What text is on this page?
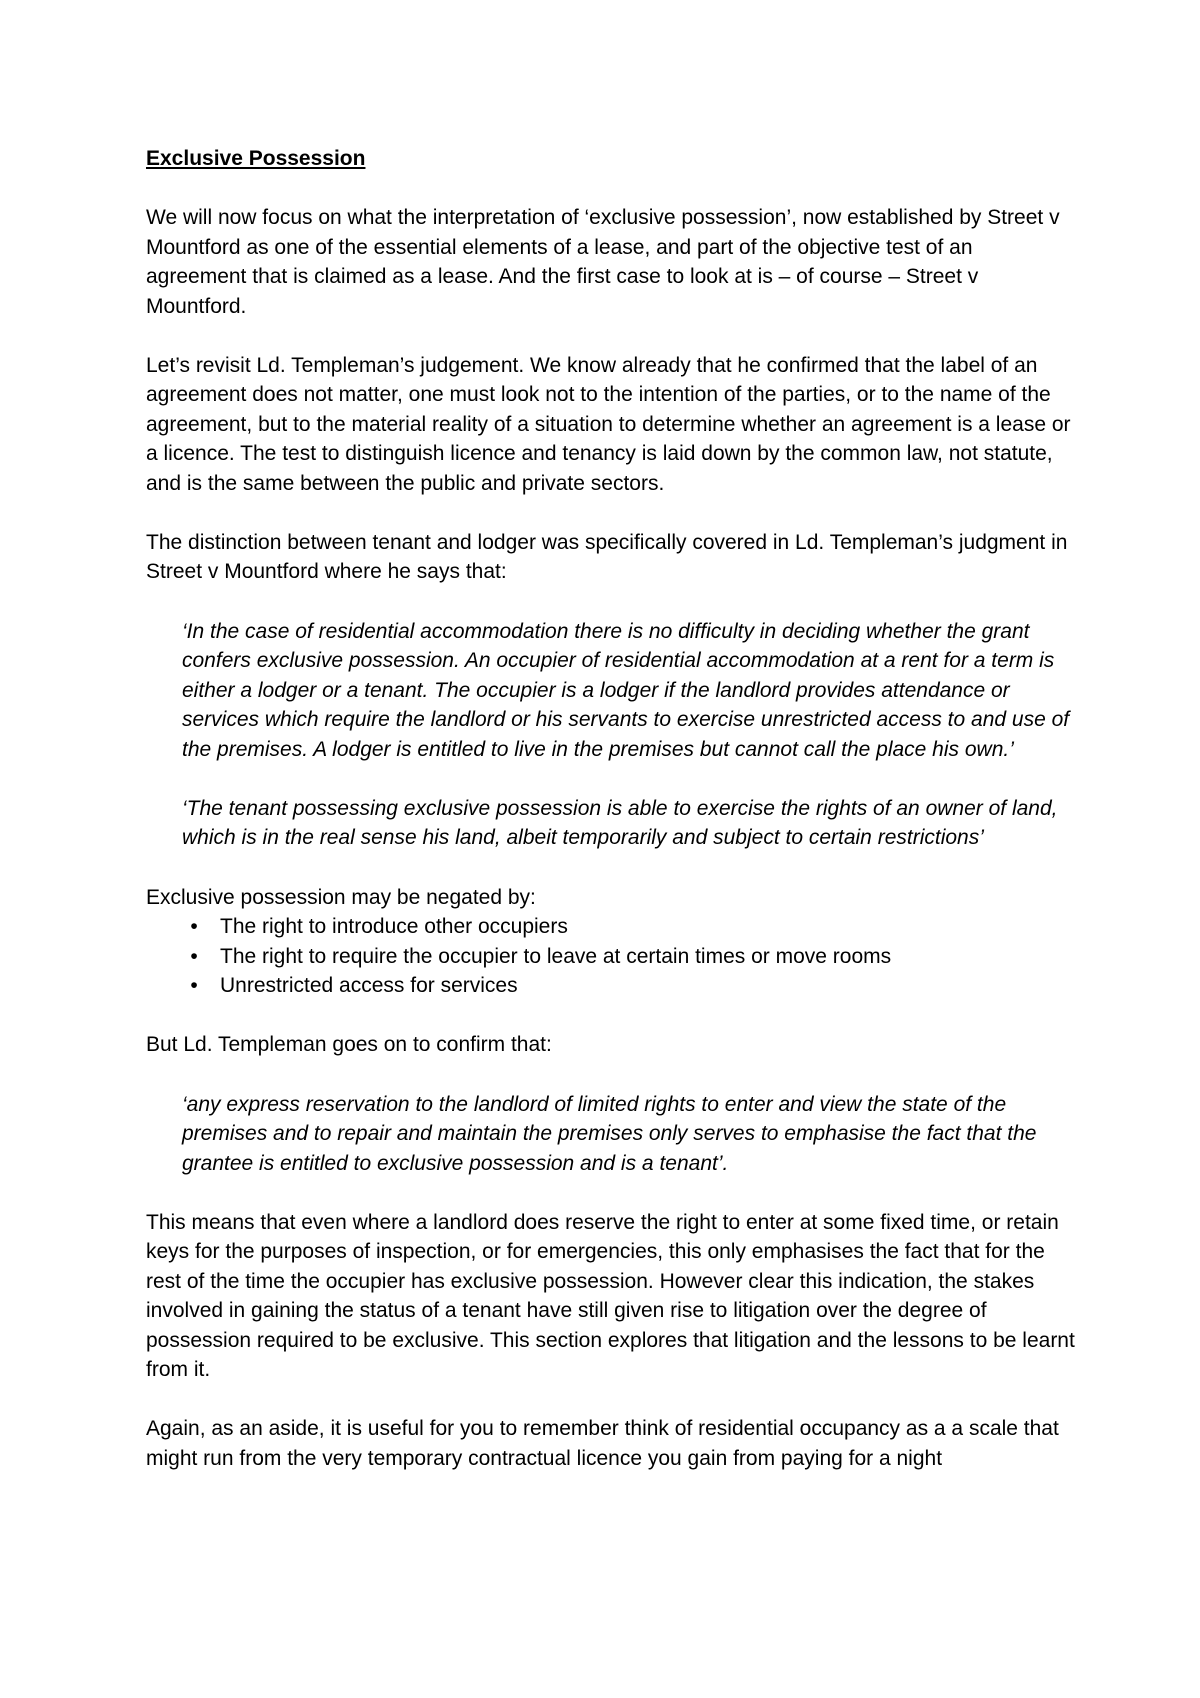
Exclusive Possession

We will now focus on what the interpretation of ‘exclusive possession’, now established by Street v Mountford as one of the essential elements of a lease, and part of the objective test of an agreement that is claimed as a lease. And the first case to look at is – of course – Street v Mountford.

Let’s revisit Ld. Templeman’s judgement. We know already that he confirmed that the label of an agreement does not matter, one must look not to the intention of the parties, or to the name of the agreement, but to the material reality of a situation to determine whether an agreement is a lease or a licence. The test to distinguish licence and tenancy is laid down by the common law, not statute, and is the same between the public and private sectors.

The distinction between tenant and lodger was specifically covered in Ld. Templeman’s judgment in Street v Mountford where he says that:

‘In the case of residential accommodation there is no difficulty in deciding whether the grant confers exclusive possession. An occupier of residential accommodation at a rent for a term is either a lodger or a tenant. The occupier is a lodger if the landlord provides attendance or services which require the landlord or his servants to exercise unrestricted access to and use of the premises. A lodger is entitled to live in the premises but cannot call the place his own.’
‘The tenant possessing exclusive possession is able to exercise the rights of an owner of land, which is in the real sense his land, albeit temporarily and subject to certain restrictions’
Exclusive possession may be negated by:
•	The right to introduce other occupiers
•	The right to require the occupier to leave at certain times or move rooms
•	Unrestricted access for services

But Ld. Templeman goes on to confirm that:

‘any express reservation to the landlord of limited rights to enter and view the state of the premises and to repair and maintain the premises only serves to emphasise the fact that the grantee is entitled to exclusive possession and is a tenant’.

This means that even where a landlord does reserve the right to enter at some fixed time, or retain keys for the purposes of inspection, or for emergencies, this only emphasises the fact that for the rest of the time the occupier has exclusive possession. However clear this indication, the stakes involved in gaining the status of a tenant have still given rise to litigation over the degree of possession required to be exclusive. This section explores that litigation and the lessons to be learnt from it.

Again, as an aside, it is useful for you to remember think of residential occupancy as a a scale that might run from the very temporary contractual licence you gain from paying for a night
